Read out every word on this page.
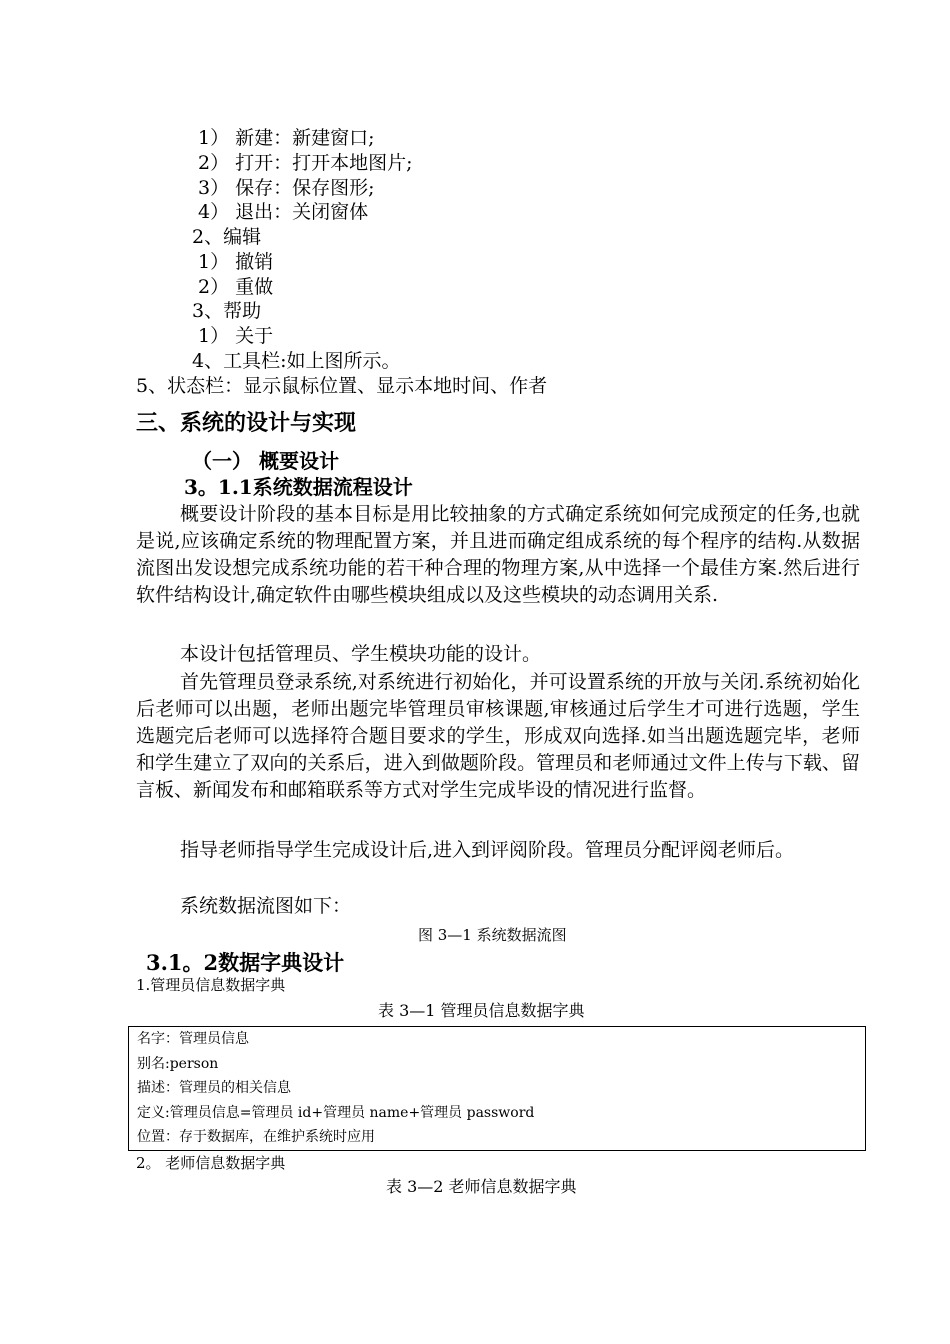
1） 新建：新建窗口;
2） 打开：打开本地图片;
3） 保存：保存图形;
4） 退出：关闭窗体
2、编辑
1） 撤销
2） 重做
3、帮助
1） 关于
4、工具栏:如上图所示。
5、状态栏：显示鼠标位置、显示本地时间、作者
三、系统的设计与实现
（一） 概要设计
3。1.1系统数据流程设计

概要设计阶段的基本目标是用比较抽象的方式确定系统如何完成预定的任务,也就是说,应该确定系统的物理配置方案，并且进而确定组成系统的每个程序的结构.从数据流图出发设想完成系统功能的若干种合理的物理方案,从中选择一个最佳方案.然后进行软件结构设计,确定软件由哪些模块组成以及这些模块的动态调用关系.

本设计包括管理员、学生模块功能的设计。

首先管理员登录系统,对系统进行初始化，并可设置系统的开放与关闭.系统初始化后老师可以出题，老师出题完毕管理员审核课题,审核通过后学生才可进行选题，学生选题完后老师可以选择符合题目要求的学生，形成双向选择.如当出题选题完毕，老师和学生建立了双向的关系后，进入到做题阶段。管理员和老师通过文件上传与下载、留言板、新闻发布和邮箱联系等方式对学生完成毕设的情况进行监督。

指导老师指导学生完成设计后,进入到评阅阶段。管理员分配评阅老师后。

系统数据流图如下：

图 3—1 系统数据流图
3.1。2数据字典设计
1.管理员信息数据字典
表 3—1 管理员信息数据字典
名字：管理员信息
别名:person
描述：管理员的相关信息
定义:管理员信息=管理员 id+管理员 name+管理员 password
位置：存于数据库，在维护系统时应用
2。 老师信息数据字典
表 3—2 老师信息数据字典
